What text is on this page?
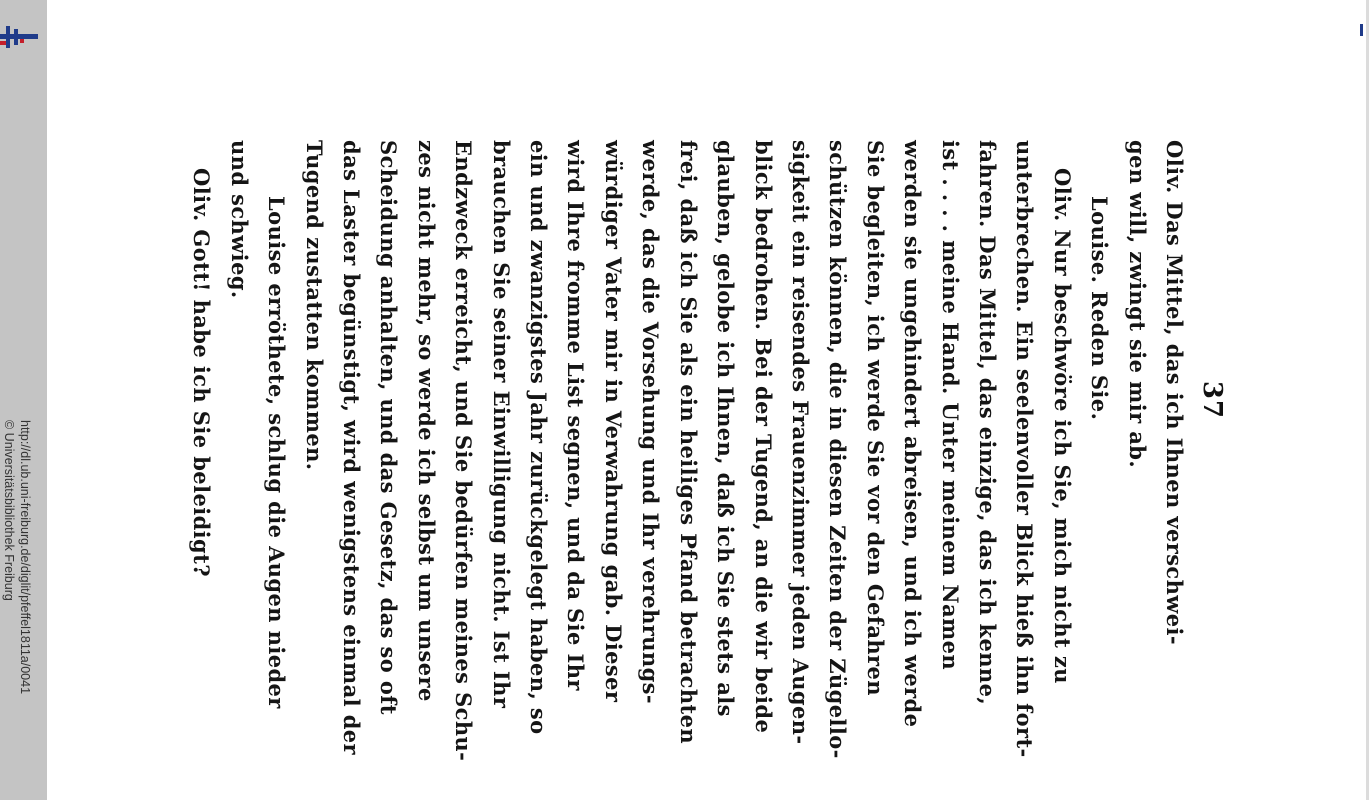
http://dl.ub.uni-freiburg.de/diglit/pfeffel1811a/0041
© Universitätsbibliothek Freiburg
37
Oliv. Das Mittel, das ich Ihnen verschwei-
gen will, zwingt sie mir ab.
Louise. Reden Sie.
Oliv. Nur beschwöre ich Sie, mich nicht zu
unterbrechen. Ein seelenvoller Blick hieß ihn fort-
fahren. Das Mittel, das einzige, das ich kenne,
ist . . . . meine Hand. Unter meinem Namen
werden sie ungehindert abreisen, und ich werde
Sie begleiten, ich werde Sie vor den Gefahren
schützen können, die in diesen Zeiten der Zügello-
sigkeit ein reisendes Frauenzimmer jeden Augen-
blick bedrohen. Bei der Tugend, an die wir beide
glauben, gelobe ich Ihnen, daß ich Sie stets als
frei, daß ich Sie als ein heiliges Pfand betrachten
werde, das die Vorsehung und Ihr verehrungs-
würdiger Vater mir in Verwahrung gab. Dieser
wird Ihre fromme List segnen, und da Sie Ihr
ein und zwanzigstes Jahr zurückgelegt haben, so
brauchen Sie seiner Einwilligung nicht. Ist Ihr
Endzweck erreicht, und Sie bedürfen meines Schu-
zes nicht mehr, so werde ich selbst um unsere
Scheidung anhalten, und das Gesetz, das so oft
das Laster begünstigt, wird wenigstens einmal der
Tugend zustatten kommen.
Louise erröthete, schlug die Augen nieder
und schwieg.
Oliv. Gott! habe ich Sie beleidigt?
